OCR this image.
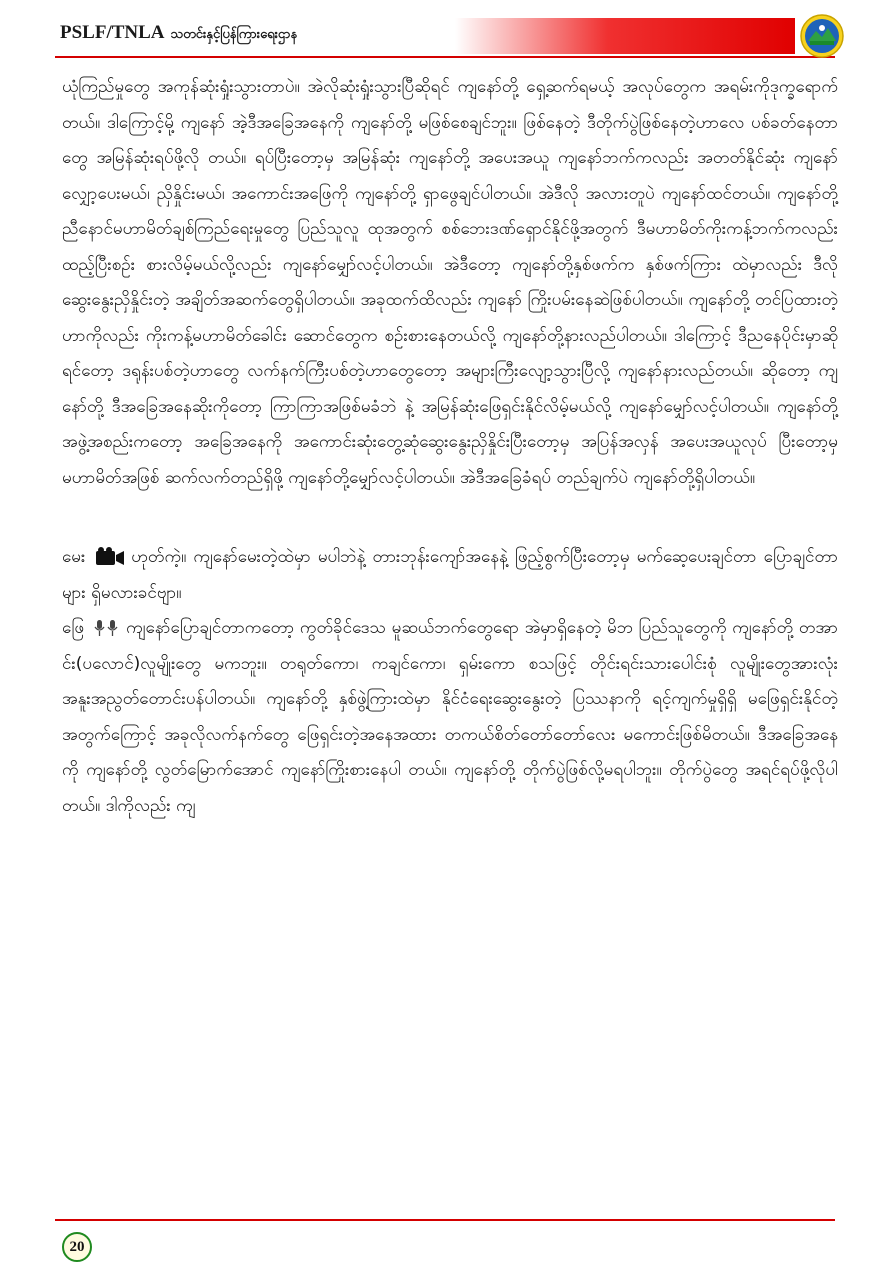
PSLF/TNLA သတင်းနှင့်ပြန်ကြားရေးဌာန

ယုံကြည်မှုတွေ အကုန်ဆုံးရှုံးသွားတာပဲ။ အဲလိုဆုံးရှုံးသွားပြီဆိုရင် ကျနော်တို့ ရှေ့ဆက်ရမယ့် အလုပ်တွေက အရမ်းကိုဒုက္ခရောက်တယ်။ ဒါကြောင့်မို့ ကျနော် အဲ့ဒီအခြေအနေကို ကျနော်တို့ မဖြစ်စေချင်ဘူး။ ဖြစ်နေတဲ့ ဒီတိုက်ပွဲဖြစ်နေတဲ့ဟာလေ ပစ်ခတ်နေတာတွေ အမြန်ဆုံးရပ်ဖို့လို တယ်။ ရပ်ပြီးတော့မှ အမြန်ဆုံး ကျနော်တို့ အပေးအယူ ကျနော်ဘက်ကလည်း အတတ်နိုင်ဆုံး ကျနော်လျှော့ပေးမယ်၊ ညှိနှိုင်းမယ်၊ အကောင်းအဖြေကို ကျနော်တို့ ရှာဖွေချင်ပါတယ်။ အဲဒီလို အလားတူပဲ ကျနော်ထင်တယ်။ ကျနော်တို့ ညီနောင်မဟာမိတ်ချစ်ကြည်ရေးမှုတွေ ပြည်သူလူ ထုအတွက် စစ်ဘေးဒဏ်ရှောင်နိုင်ဖို့အတွက် ဒီမဟာမိတ်ကိုးကန့်ဘက်ကလည်း ထည့်ပြီးစဉ်း စားလိမ့်မယ်လို့လည်း ကျနော်မျှော်လင့်ပါတယ်။ အဲဒီတော့ ကျနော်တို့နှစ်ဖက်က နှစ်ဖက်ကြား ထဲမှာလည်း ဒီလိုဆွေးနွေးညှိနှိုင်းတဲ့ အချိတ်အဆက်တွေရှိပါတယ်။ အခုထက်ထိလည်း ကျနော် ကြိုးပမ်းနေဆဲဖြစ်ပါတယ်။ ကျနော်တို့ တင်ပြထားတဲ့ဟာကိုလည်း ကိုးကန့်မဟာမိတ်ခေါင်း ဆောင်တွေက စဉ်းစားနေတယ်လို့ ကျနော်တို့နားလည်ပါတယ်။ ဒါကြောင့် ဒီညနေပိုင်းမှာဆို ရင်တော့ ဒရုန်းပစ်တဲ့ဟာတွေ လက်နက်ကြီးပစ်တဲ့ဟာတွေတော့ အများကြီးလျော့သွားပြီလို့ ကျနော်နားလည်တယ်။ ဆိုတော့ ကျနော်တို့ ဒီအခြေအနေဆိုးကိုတော့ ကြာကြာအဖြစ်မခံဘဲ နဲ့ အမြန်ဆုံးဖြေရှင်းနိုင်လိမ့်မယ်လို့ ကျနော်မျှော်လင့်ပါတယ်။ ကျနော်တို့အဖွဲ့အစည်းကတော့ အခြေအနေကို အကောင်းဆုံးတွေ့ဆုံဆွေးနွေးညှိနှိုင်းပြီးတော့မှ အပြန်အလှန် အပေးအယူလုပ် ပြီးတော့မှ မဟာမိတ်အဖြစ် ဆက်လက်တည်ရှိဖို့ ကျနော်တို့မျှော်လင့်ပါတယ်။ အဲဒီအခြေခံရပ် တည်ချက်ပဲ ကျနော်တို့ရှိပါတယ်။

မေး	ဟုတ်ကဲ့။ ကျနော်မေးတဲ့ထဲမှာ မပါဘဲနဲ့ တားဘုန်းကျော်အနေနဲ့ ဖြည့်စွက်ပြီးတော့မှ မက်ဆေ့ပေးချင်တာ ပြောချင်တာများ ရှိမလားခင်ဗျာ။

ဖြေ ကျနော်ပြောချင်တာကတော့ ကွတ်ခိုင်ဒေသ မူဆယ်ဘက်တွေရော အဲမှာရှိနေတဲ့ မိဘ ပြည်သူတွေကို ကျနော်တို့ တအာင်း(ပလောင်)လူမျိုးတွေ မကဘူး။ တရုတ်ကော၊ ကချင်ကော၊ ရှမ်းကော စသဖြင့် တိုင်းရင်းသားပေါင်းစုံ လူမျိုးတွေအားလုံး အနူးအညွတ်တောင်းပန်ပါတယ်။ ကျနော်တို့ နှစ်ဖွဲ့ကြားထဲမှာ နိုင်ငံရေးဆွေးနွေးတဲ့ ပြဿနာကို ရင့်ကျက်မှုရှိရှိ မဖြေရှင်းနိုင်တဲ့ အတွက်ကြောင့် အခုလိုလက်နက်တွေ ဖြေရှင်းတဲ့အနေအထား တကယ်စိတ်တော်တော်လေး မကောင်းဖြစ်မိတယ်။ ဒီအခြေအနေကို ကျနော်တို့ လွတ်မြောက်အောင် ကျနော်ကြိုးစားနေပါ တယ်။ ကျနော်တို့ တိုက်ပွဲဖြစ်လို့မရပါဘူး။ တိုက်ပွဲတွေ အရင်ရပ်ဖို့လိုပါတယ်။ ဒါကိုလည်း ကျ

20
